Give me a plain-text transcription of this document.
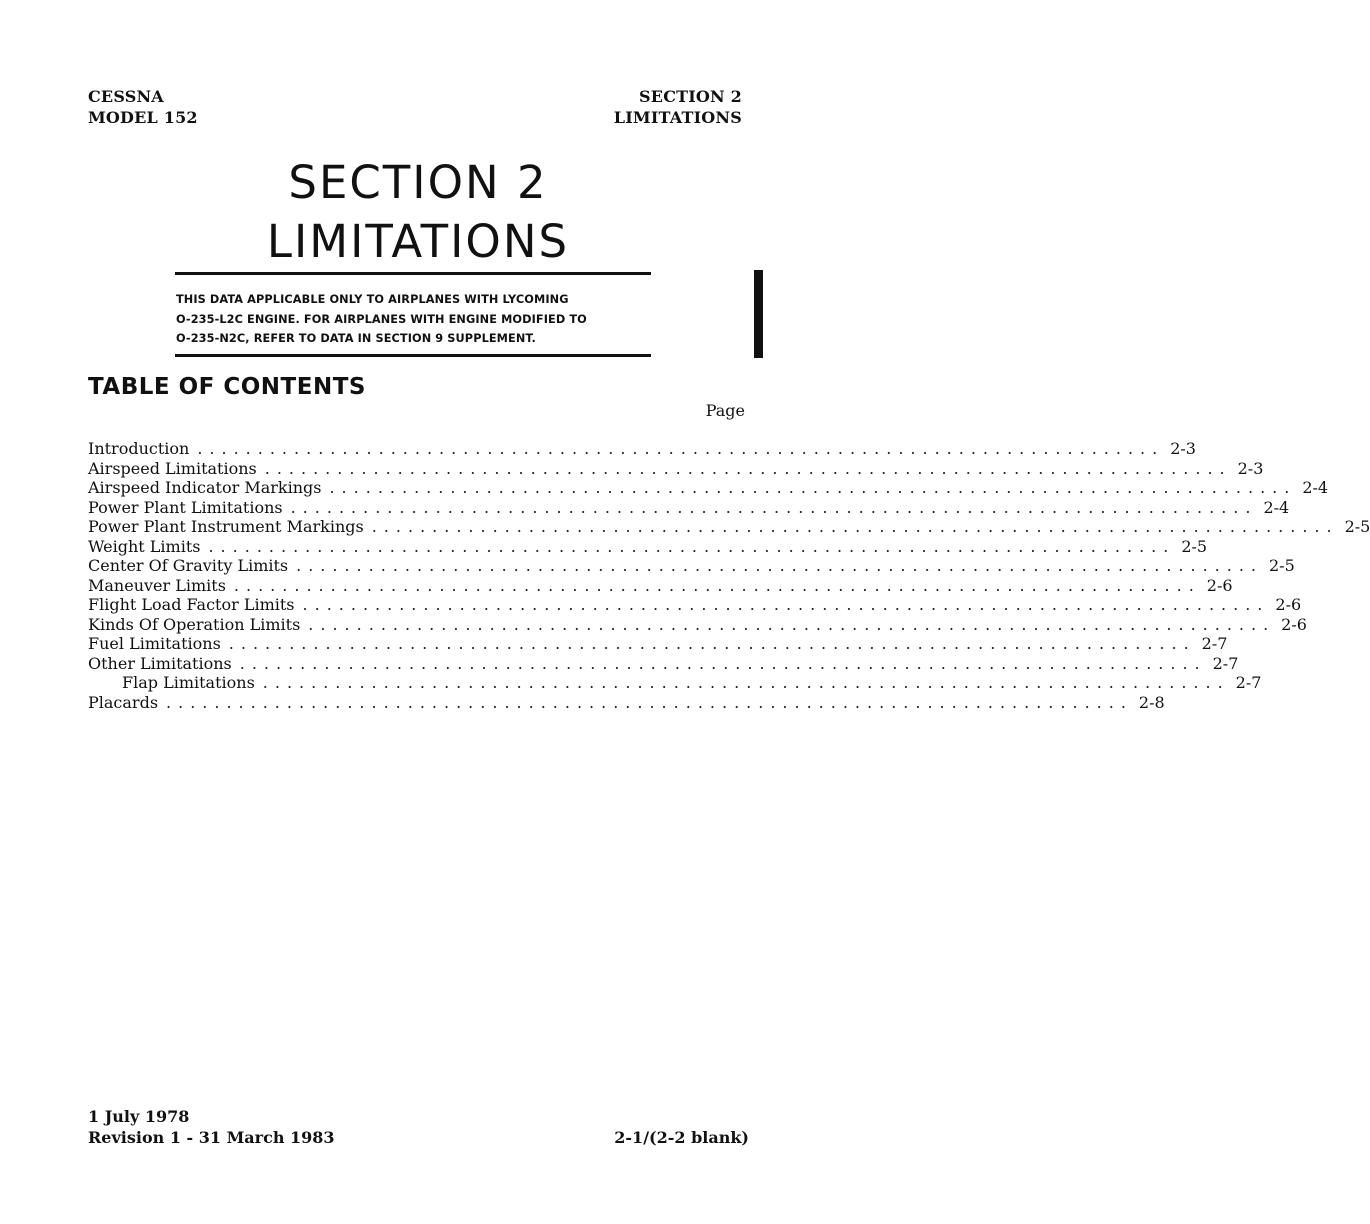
CESSNA
MODEL 152
SECTION 2
LIMITATIONS
SECTION 2
LIMITATIONS
THIS DATA APPLICABLE ONLY TO AIRPLANES WITH LYCOMING
O-235-L2C ENGINE. FOR AIRPLANES WITH ENGINE MODIFIED TO
O-235-N2C, REFER TO DATA IN SECTION 9 SUPPLEMENT.
TABLE OF CONTENTS
Page
Introduction ................................................................................ 2-3
Airspeed Limitations ................................................................................ 2-3
Airspeed Indicator Markings ................................................................................ 2-4
Power Plant Limitations ................................................................................ 2-4
Power Plant Instrument Markings ................................................................................ 2-5
Weight Limits ................................................................................ 2-5
Center Of Gravity Limits ................................................................................ 2-5
Maneuver Limits ................................................................................ 2-6
Flight Load Factor Limits ................................................................................ 2-6
Kinds Of Operation Limits ................................................................................ 2-6
Fuel Limitations ................................................................................ 2-7
Other Limitations ................................................................................ 2-7
Flap Limitations ................................................................................ 2-7
Placards ................................................................................ 2-8
1 July 1978
Revision 1 - 31 March 1983	2-1/(2-2 blank)
